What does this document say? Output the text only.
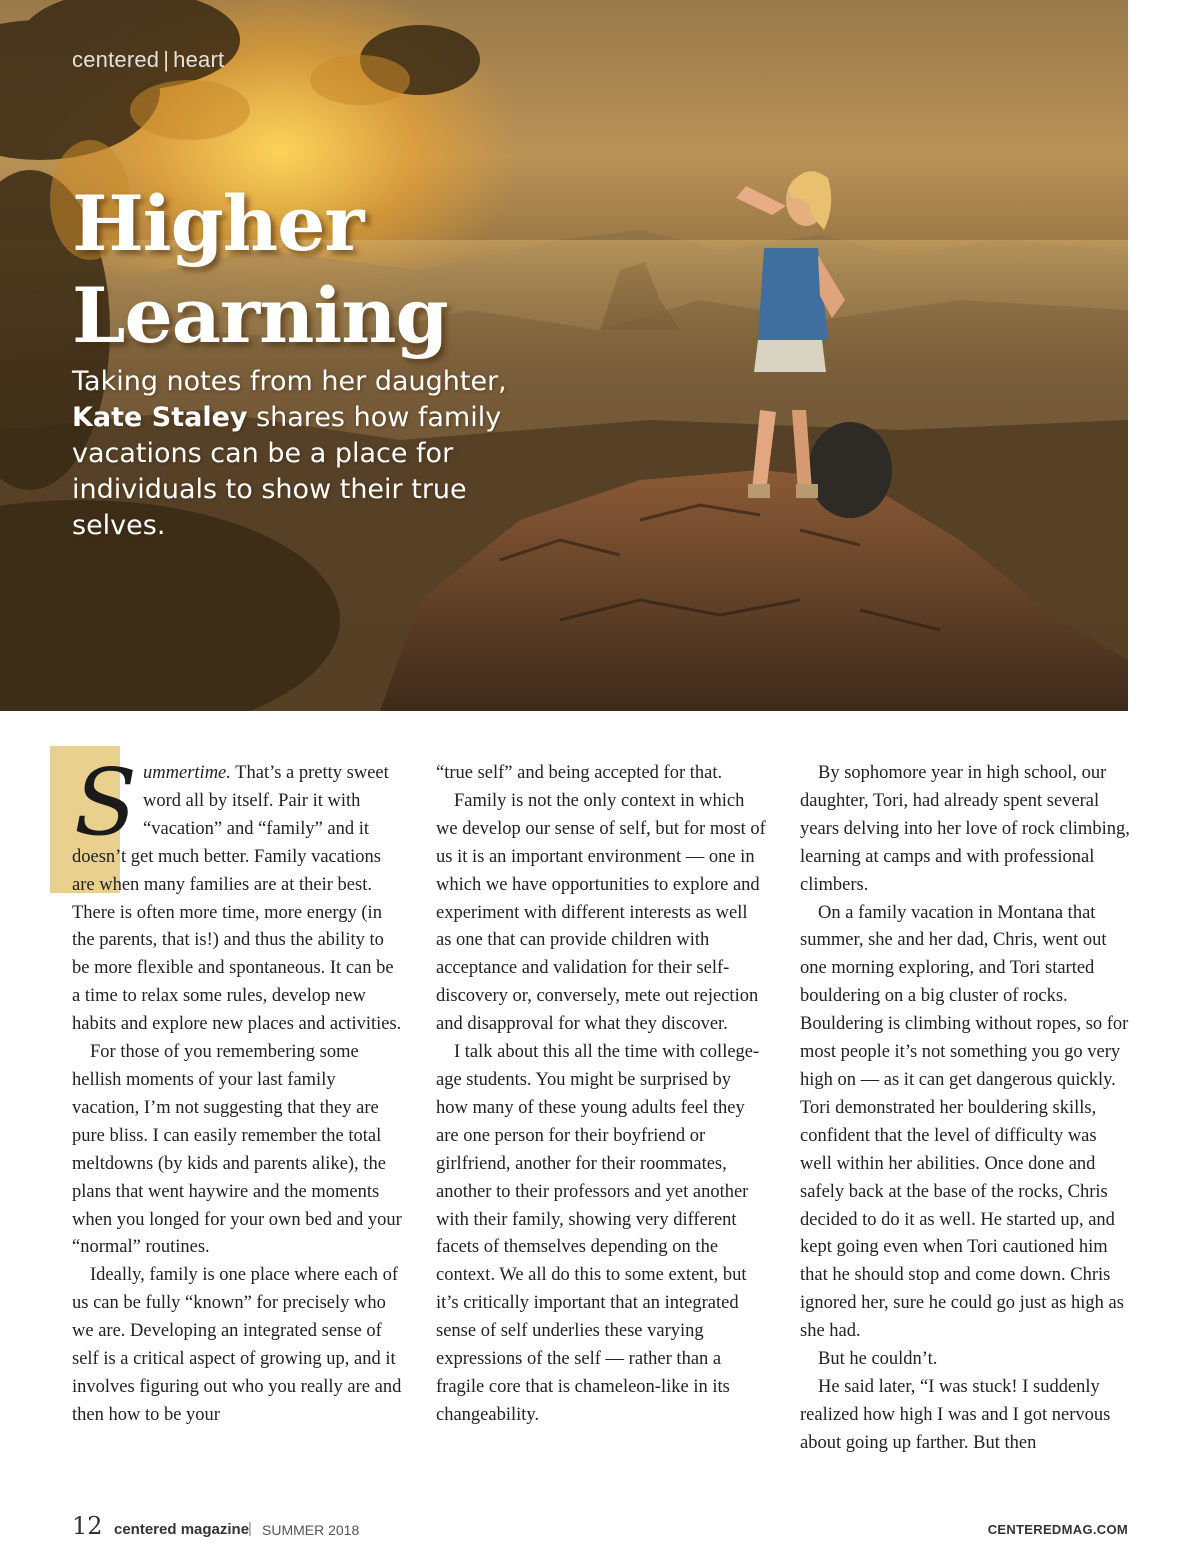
centered | heart
Higher
Learning

Taking notes from her daughter, Kate Staley shares how family vacations can be a place for individuals to show their true selves.

Summertime. That’s a pretty sweet word all by itself. Pair it with “vacation” and “family” and it doesn’t get much better. Family vacations are when many families are at their best. There is often more time, more energy (in the parents, that is!) and thus the ability to be more flexible and spontaneous. It can be a time to relax some rules, develop new habits and explore new places and activities.

For those of you remembering some hellish moments of your last family vacation, I’m not suggesting that they are pure bliss. I can easily remember the total meltdowns (by kids and parents alike), the plans that went haywire and the moments when you longed for your own bed and your “normal” routines.

Ideally, family is one place where each of us can be fully “known” for precisely who we are. Developing an integrated sense of self is a critical aspect of growing up, and it involves figuring out who you really are and then how to be your

“true self” and being accepted for that.

Family is not the only context in which we develop our sense of self, but for most of us it is an important environment — one in which we have opportunities to explore and experiment with different interests as well as one that can provide children with acceptance and validation for their self-discovery or, conversely, mete out rejection and disapproval for what they discover.

I talk about this all the time with college-age students. You might be surprised by how many of these young adults feel they are one person for their boyfriend or girlfriend, another for their roommates, another to their professors and yet another with their family, showing very different facets of themselves depending on the context. We all do this to some extent, but it’s critically important that an integrated sense of self underlies these varying expressions of the self — rather than a fragile core that is chameleon-like in its changeability.

By sophomore year in high school, our daughter, Tori, had already spent several years delving into her love of rock climbing, learning at camps and with professional climbers.

On a family vacation in Montana that summer, she and her dad, Chris, went out one morning exploring, and Tori started bouldering on a big cluster of rocks. Bouldering is climbing without ropes, so for most people it’s not something you go very high on — as it can get dangerous quickly. Tori demonstrated her bouldering skills, confident that the level of difficulty was well within her abilities. Once done and safely back at the base of the rocks, Chris decided to do it as well. He started up, and kept going even when Tori cautioned him that he should stop and come down. Chris ignored her, sure he could go just as high as she had.

But he couldn’t.

He said later, “I was stuck! I suddenly realized how high I was and I got nervous about going up farther. But then

12 centered magazine
| SUMMER 2018	CENTEREDMAG.COM
